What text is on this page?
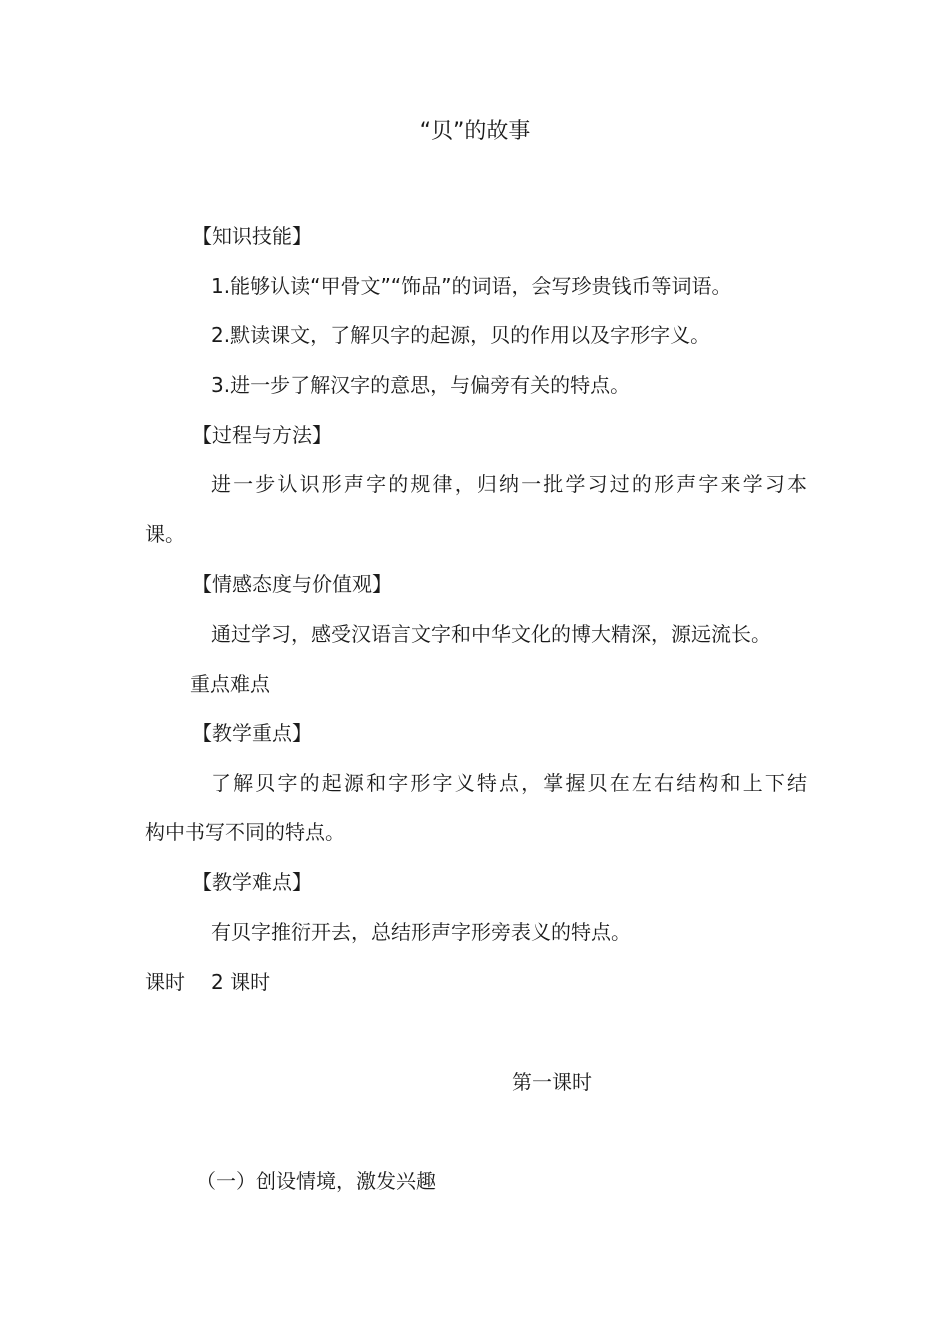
“贝”的故事
【知识技能】
1.能够认读“甲骨文”“饰品”的词语，会写珍贵钱币等词语。
2.默读课文，了解贝字的起源，贝的作用以及字形字义。
3.进一步了解汉字的意思，与偏旁有关的特点。
【过程与方法】
进一步认识形声字的规律，归纳一批学习过的形声字来学习本
课。
【情感态度与价值观】
通过学习，感受汉语言文字和中华文化的博大精深，源远流长。
重点难点
【教学重点】
了解贝字的起源和字形字义特点，掌握贝在左右结构和上下结
构中书写不同的特点。
【教学难点】
有贝字推衍开去，总结形声字形旁表义的特点。
课时 2 课时
第一课时
（一）创设情境，激发兴趣
